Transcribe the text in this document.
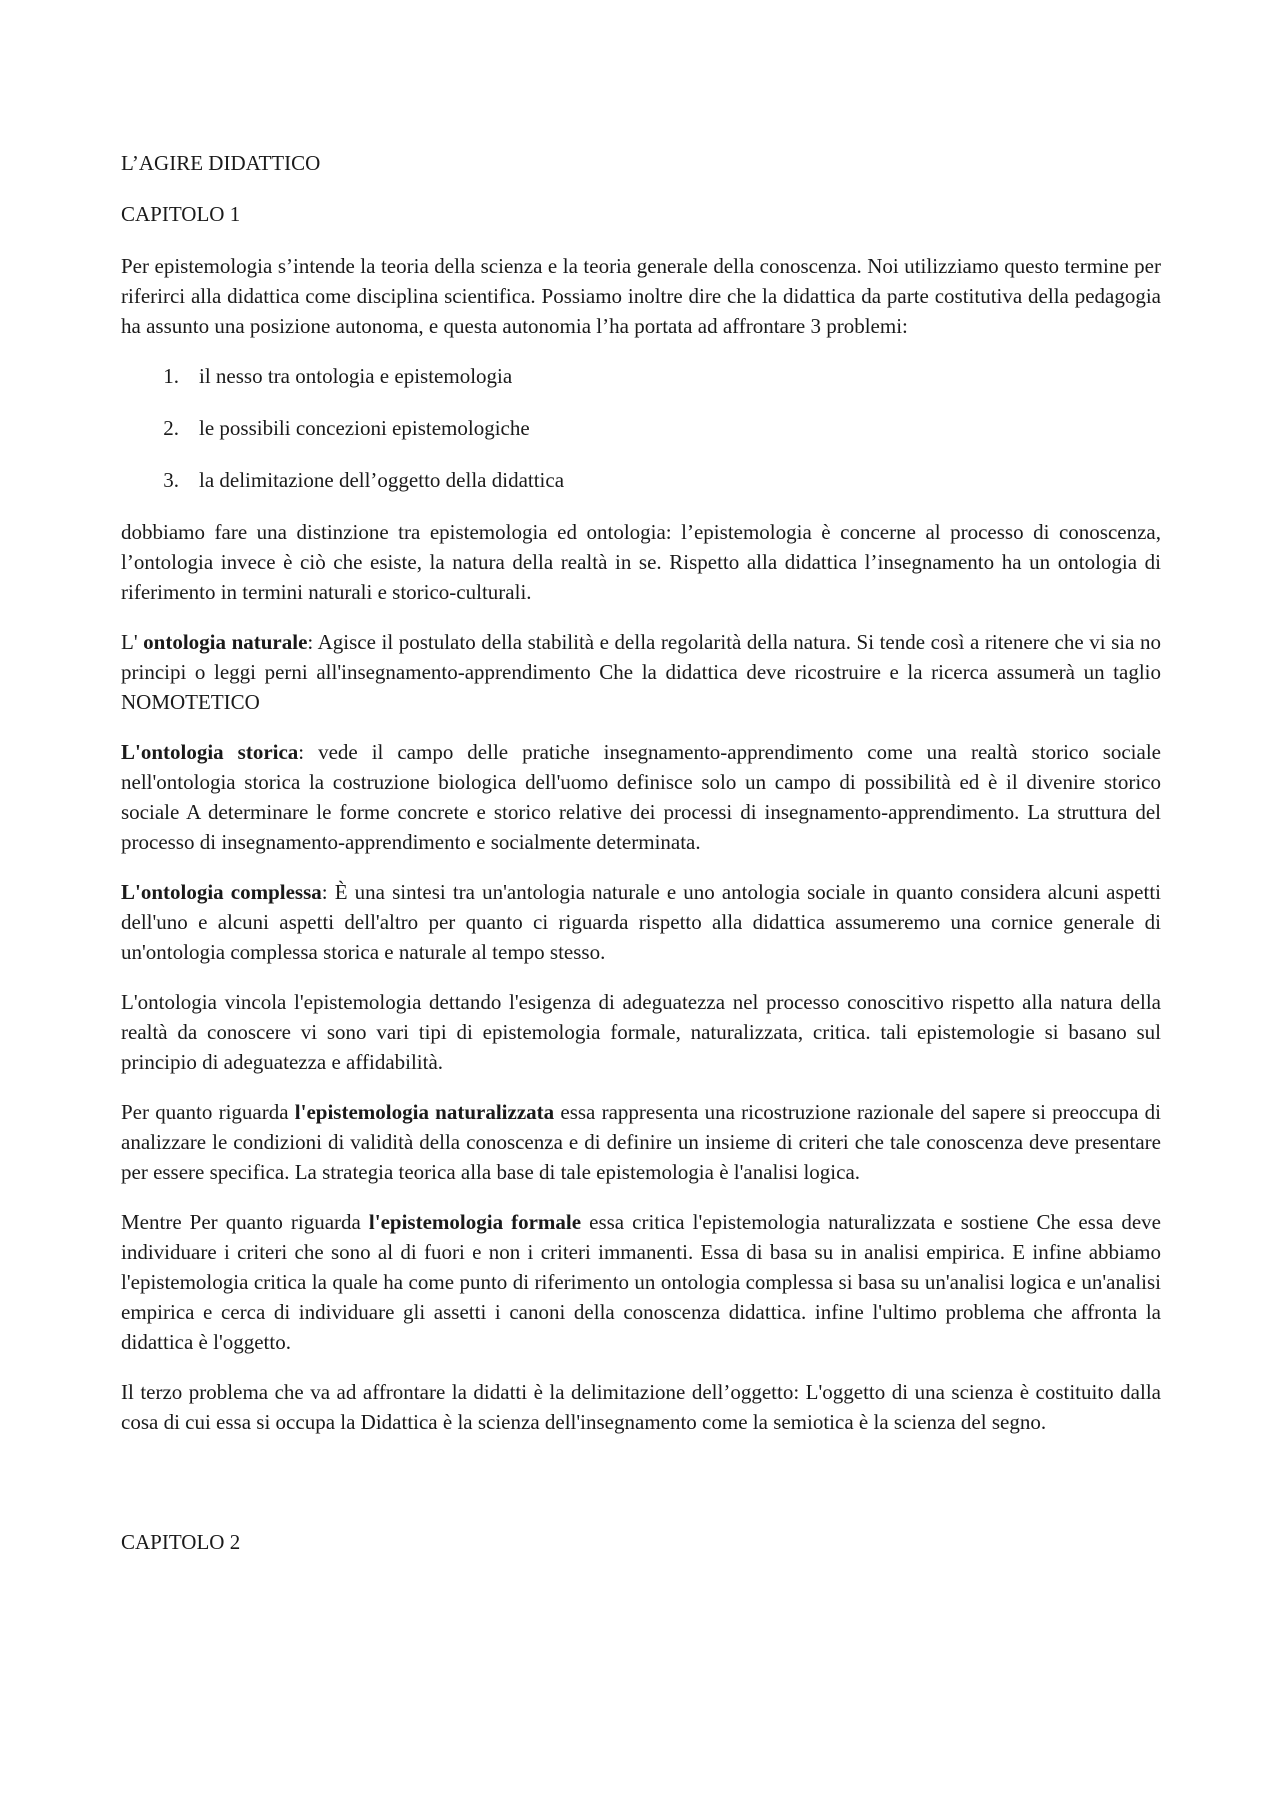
L’AGIRE DIDATTICO

CAPITOLO 1

Per epistemologia s’intende la teoria della scienza e la teoria generale della conoscenza. Noi utilizziamo questo termine per riferirci alla didattica come disciplina scientifica. Possiamo inoltre dire che la didattica da parte costitutiva della pedagogia ha assunto una posizione autonoma, e questa autonomia l’ha portata ad affrontare 3 problemi:

1. il nesso tra ontologia e epistemologia
2. le possibili concezioni epistemologiche
3. la delimitazione dell’oggetto della didattica

dobbiamo fare una distinzione tra epistemologia ed ontologia: l’epistemologia è concerne al processo di conoscenza, l’ontologia invece è ciò che esiste, la natura della realtà in se. Rispetto alla didattica l’insegnamento ha un ontologia di riferimento in termini naturali e storico-culturali.

L' ontologia naturale: Agisce il postulato della stabilità e della regolarità della natura. Si tende così a ritenere che vi sia no principi o leggi perni all'insegnamento-apprendimento Che la didattica deve ricostruire e la ricerca assumerà un taglio NOMOTETICO

L'ontologia storica: vede il campo delle pratiche insegnamento-apprendimento come una realtà storico sociale nell'ontologia storica la costruzione biologica dell'uomo definisce solo un campo di possibilità ed è il divenire storico sociale A determinare le forme concrete e storico relative dei processi di insegnamento-apprendimento. La struttura del processo di insegnamento-apprendimento e socialmente determinata.

L'ontologia complessa: È una sintesi tra un'antologia naturale e uno antologia sociale in quanto considera alcuni aspetti dell'uno e alcuni aspetti dell'altro per quanto ci riguarda rispetto alla didattica assumeremo una cornice generale di un'ontologia complessa storica e naturale al tempo stesso.

L'ontologia vincola l'epistemologia dettando l'esigenza di adeguatezza nel processo conoscitivo rispetto alla natura della realtà da conoscere vi sono vari tipi di epistemologia formale, naturalizzata, critica. tali epistemologie si basano sul principio di adeguatezza e affidabilità.

Per quanto riguarda l'epistemologia naturalizzata essa rappresenta una ricostruzione razionale del sapere si preoccupa di analizzare le condizioni di validità della conoscenza e di definire un insieme di criteri che tale conoscenza deve presentare per essere specifica. La strategia teorica alla base di tale epistemologia è l'analisi logica.

Mentre Per quanto riguarda l'epistemologia formale essa critica l'epistemologia naturalizzata e sostiene Che essa deve individuare i criteri che sono al di fuori e non i criteri immanenti. Essa di basa su in analisi empirica. E infine abbiamo l'epistemologia critica la quale ha come punto di riferimento un ontologia complessa si basa su un'analisi logica e un'analisi empirica e cerca di individuare gli assetti i canoni della conoscenza didattica. infine l'ultimo problema che affronta la didattica è l'oggetto.

Il terzo problema che va ad affrontare la didatti è la delimitazione dell’oggetto: L'oggetto di una scienza è costituito dalla cosa di cui essa si occupa la Didattica è la scienza dell'insegnamento come la semiotica è la scienza del segno.

CAPITOLO 2
